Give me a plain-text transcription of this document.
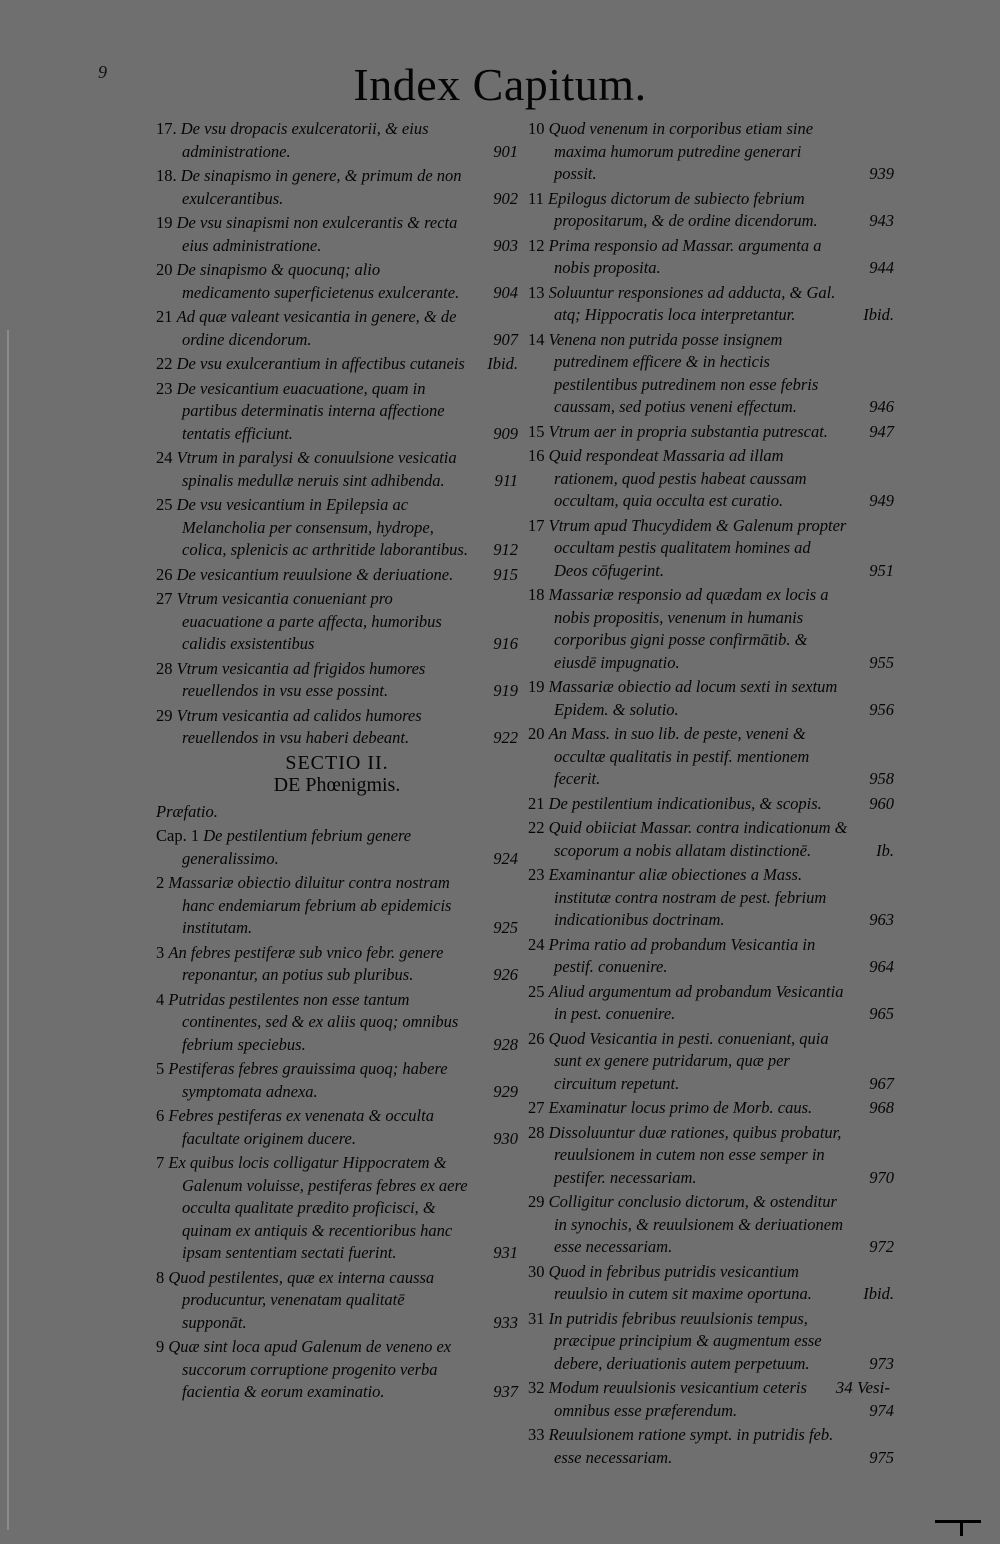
9	Index Capitum.
17. De vsu dropacis exulceratorii, & eius administratione.	901
18. De sinapismo in genere, & primum de non exulcerantibus.	902
19 De vsu sinapismi non exulcerantis & recta eius administratione.	903
20 De sinapismo & quocunq; alio medicamento superficietenus exulcerante. 904
21 Ad quæ valeant vesicantia in genere, & de ordine dicendorum.	907
22 De vsu exulcerantium in affectibus cutaneis Ibid.
23 De vesicantium euacuatione, quam in partibus determinatis interna affectione tentatis efficiunt.	909
24 Vtrum in paralysi & conuulsione vesicatia spinalis medullæ neruis sint adhibenda.	911
25 De vsu vesicantium in Epilepsia ac Melancholia per consensum, hydrope, colica, splenicis ac arthritide laborantibus. 912
26 De vesicantium reuulsione & deriuatione. 915
27 Vtrum vesicantia conueniant pro euacuatione a parte affecta, humoribus calidis exsistentibus	916
28 Vtrum vesicantia ad frigidos humores reuellendos in vsu esse possint.	919
29 Vtrum vesicantia ad calidos humores reuellendos in vsu haberi debeant.	922
SECTIO II.
DE Phœnigmis.
Præfatio.
Cap. 1 De pestilentium febrium genere generalissimo.	924
2 Massariæ obiectio diluitur contra nostram hanc endemiarum febrium ab epidemicis institutam.	925
3 An febres pestiferæ sub vnico febr. genere reponantur, an potius sub pluribus.	926
4 Putridas pestilentes non esse tantum continentes, sed & ex aliis quoq; omnibus febrium speciebus.	928
5 Pestiferas febres grauissima quoq; habere symptomata adnexa.	929
6 Febres pestiferas ex venenata & occulta facultate originem ducere.	930
7 Ex quibus locis colligatur Hippocratem & Galenum voluisse, pestiferas febres ex aere occulta qualitate prædito proficisci, & quinam ex antiquis & recentioribus hanc ipsam sententiam sectati fuerint.	931
8 Quod pestilentes, quæ ex interna caussa producuntur, venenatam qualitatē supponāt.	933
9 Quæ sint loca apud Galenum de veneno ex succorum corruptione progenito verba facientia & eorum examinatio.	937
10 Quod venenum in corporibus etiam sine maxima humorum putredine generari possit.	939
11 Epilogus dictorum de subiecto febrium propositarum, & de ordine dicendorum.	943
12 Prima responsio ad Massar. argumenta a nobis proposita.	944
13 Soluuntur responsiones ad adducta, & Gal. atq; Hippocratis loca interpretantur.	Ibid.
14 Venena non putrida posse insignem putredinem efficere & in hecticis pestilentibus putredinem non esse febris caussam, sed potius veneni effectum.	946
15 Vtrum aer in propria substantia putrescat.	947
16 Quid respondeat Massaria ad illam rationem, quod pestis habeat caussam occultam, quia occulta est curatio.	949
17 Vtrum apud Thucydidem & Galenum propter occultam pestis qualitatem homines ad Deos cōfugerint.	951
18 Massariæ responsio ad quædam ex locis a nobis propositis, venenum in humanis corporibus gigni posse confirmātib. & eiusdē impugnatio.	955
19 Massariæ obiectio ad locum sexti in sextum Epidem. & solutio.	956
20 An Mass. in suo lib. de peste, veneni & occultæ qualitatis in pestif. mentionem fecerit.	958
21 De pestilentium indicationibus, & scopis.	960
22 Quid obiiciat Massar. contra indicationum & scoporum a nobis allatam distinctionē.	Ib.
23 Examinantur aliæ obiectiones a Mass. institutæ contra nostram de pest. febrium indicationibus doctrinam.	963
24 Prima ratio ad probandum Vesicantia in pestif. conuenire.	964
25 Aliud argumentum ad probandum Vesicantia in pest. conuenire.	965
26 Quod Vesicantia in pesti. conueniant, quia sunt ex genere putridarum, quæ per circuitum repetunt.	967
27 Examinatur locus primo de Morb. caus.	968
28 Dissoluuntur duæ rationes, quibus probatur, reuulsionem in cutem non esse semper in pestifer. necessariam.	970
29 Colligitur conclusio dictorum, & ostenditur in synochis, & reuulsionem & deriuationem esse necessariam.	972
30 Quod in febribus putridis vesicantium reuulsio in cutem sit maxime oportuna.	Ibid.
31 In putridis febribus reuulsionis tempus, præcipue principium & augmentum esse debere, deriuationis autem perpetuum.	973
32 Modum reuulsionis vesicantium ceteris omnibus esse præferendum.	974
33 Reuulsionem ratione sympt. in putridis feb. esse necessariam.	975
34 Vesi-
